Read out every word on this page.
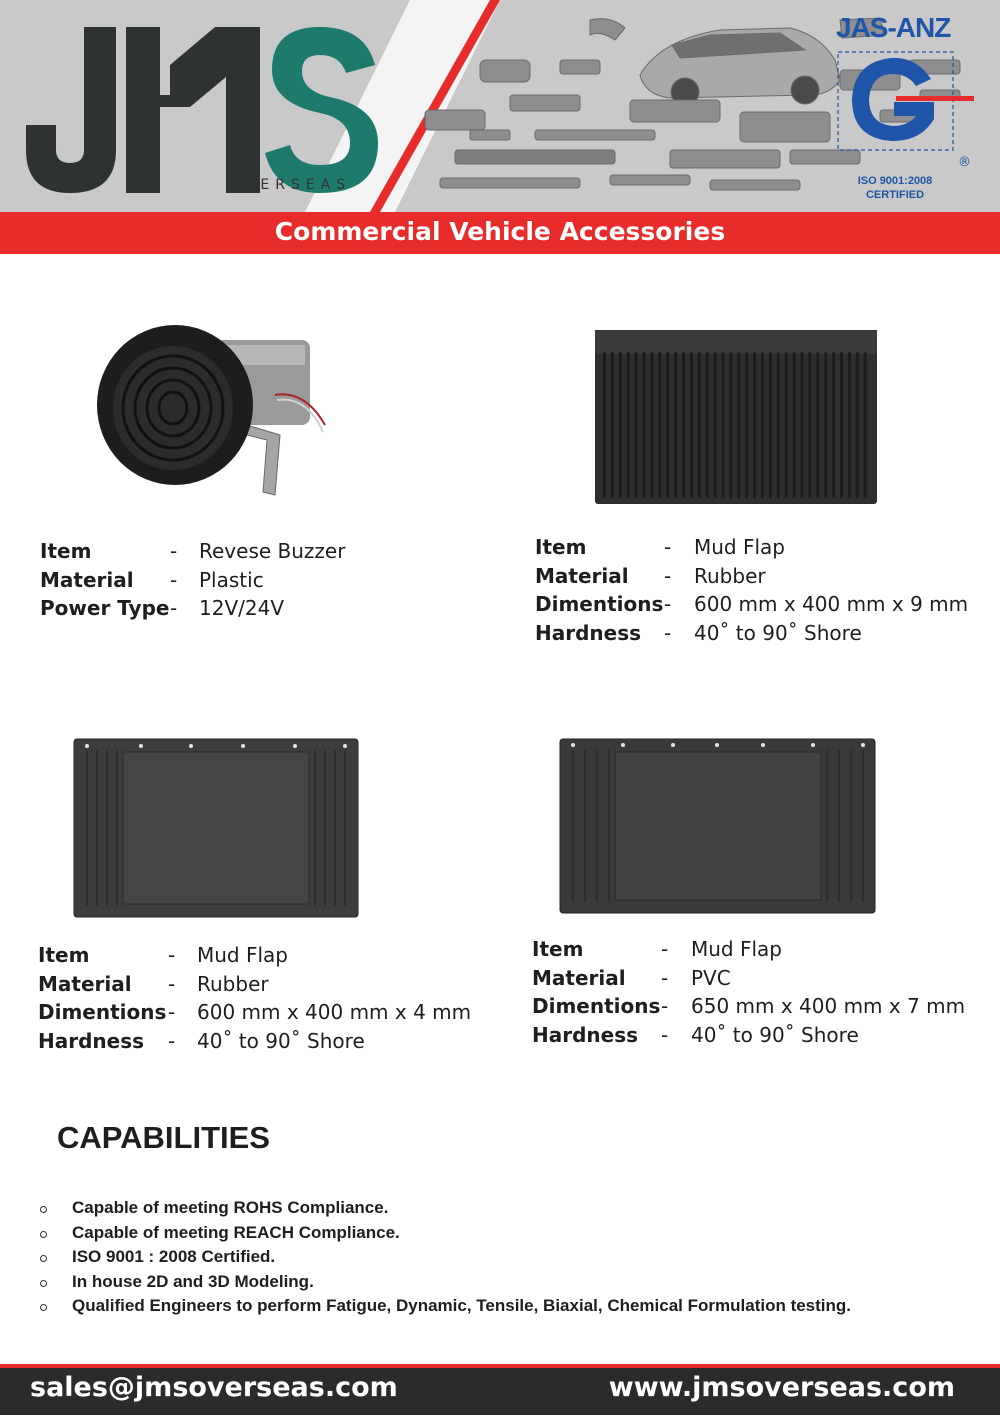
OVERSEAS
JAS-ANZ
®
ISO 9001:2008
CERTIFIED
Commercial Vehicle Accessories
Item	- Revese Buzzer
Material - Plastic
Power Type - 12V/24V
Item	- Mud Flap
Material - Rubber
Dimentions - 600 mm x 400 mm x 9 mm
Hardness - 40˚ to 90˚ Shore
Item	- Mud Flap
Material - Rubber
Dimentions - 600 mm x 400 mm x 4 mm
Hardness - 40˚ to 90˚ Shore
Item	- Mud Flap
Material - PVC
Dimentions - 650 mm x 400 mm x 7 mm
Hardness - 40˚ to 90˚ Shore
CAPABILITIES
Capable of meeting ROHS Compliance.
Capable of meeting REACH Compliance.
ISO 9001 : 2008 Certified.
In house 2D and 3D Modeling.
Qualified Engineers to perform Fatigue, Dynamic, Tensile, Biaxial, Chemical Formulation testing.
sales@jmsoverseas.com	www.jmsoverseas.com
